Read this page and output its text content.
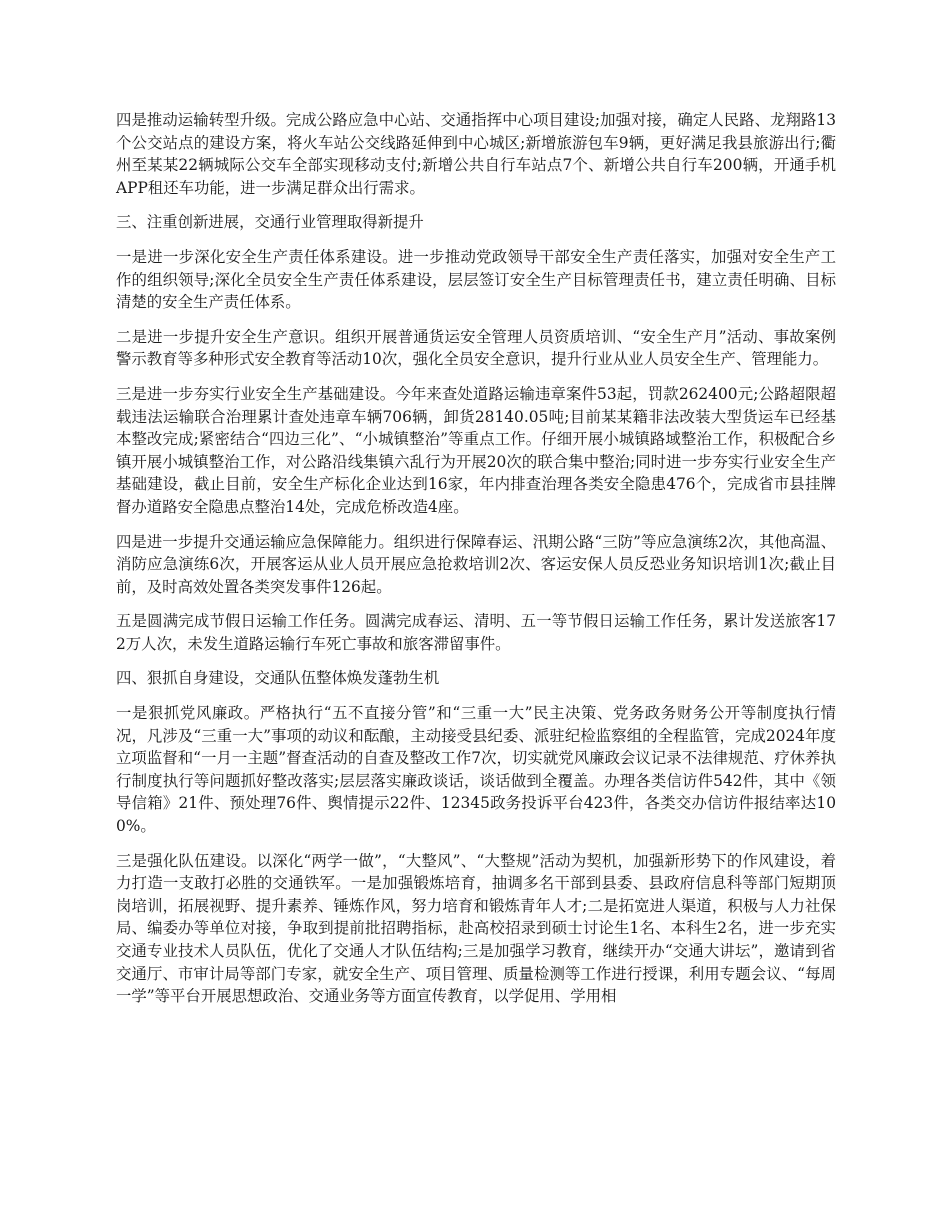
四是推动运输转型升级。完成公路应急中心站、交通指挥中心项目建设;加强对接，确定人民路、龙翔路13个公交站点的建设方案，将火车站公交线路延伸到中心城区;新增旅游包车9辆，更好满足我县旅游出行;衢州至某某22辆城际公交车全部实现移动支付;新增公共自行车站点7个、新增公共自行车200辆，开通手机APP租还车功能，进一步满足群众出行需求。

三、注重创新进展，交通行业管理取得新提升

一是进一步深化安全生产责任体系建设。进一步推动党政领导干部安全生产责任落实，加强对安全生产工作的组织领导;深化全员安全生产责任体系建设，层层签订安全生产目标管理责任书，建立责任明确、目标清楚的安全生产责任体系。

二是进一步提升安全生产意识。组织开展普通货运安全管理人员资质培训、“安全生产月”活动、事故案例警示教育等多种形式安全教育等活动10次，强化全员安全意识，提升行业从业人员安全生产、管理能力。

三是进一步夯实行业安全生产基础建设。今年来查处道路运输违章案件53起，罚款262400元;公路超限超载违法运输联合治理累计查处违章车辆706辆，卸货28140.05吨;目前某某籍非法改装大型货运车已经基本整改完成;紧密结合“四边三化”、“小城镇整治”等重点工作。仔细开展小城镇路域整治工作，积极配合乡镇开展小城镇整治工作，对公路沿线集镇六乱行为开展20次的联合集中整治;同时进一步夯实行业安全生产基础建设，截止目前，安全生产标化企业达到16家，年内排查治理各类安全隐患476个，完成省市县挂牌督办道路安全隐患点整治14处，完成危桥改造4座。

四是进一步提升交通运输应急保障能力。组织进行保障春运、汛期公路“三防”等应急演练2次，其他高温、消防应急演练6次，开展客运从业人员开展应急抢救培训2次、客运安保人员反恐业务知识培训1次;截止目前，及时高效处置各类突发事件126起。

五是圆满完成节假日运输工作任务。圆满完成春运、清明、五一等节假日运输工作任务，累计发送旅客172万人次，未发生道路运输行车死亡事故和旅客滞留事件。

四、狠抓自身建设，交通队伍整体焕发蓬勃生机

一是狠抓党风廉政。严格执行“五不直接分管”和“三重一大”民主决策、党务政务财务公开等制度执行情况，凡涉及“三重一大”事项的动议和酝酿，主动接受县纪委、派驻纪检监察组的全程监管，完成2024年度立项监督和“一月一主题”督查活动的自查及整改工作7次，切实就党风廉政会议记录不法律规范、疗休养执行制度执行等问题抓好整改落实;层层落实廉政谈话，谈话做到全覆盖。办理各类信访件542件，其中《领导信箱》21件、预处理76件、舆情提示22件、12345政务投诉平台423件，各类交办信访件报结率达100%。

三是强化队伍建设。以深化“两学一做”，“大整风”、“大整规”活动为契机，加强新形势下的作风建设，着力打造一支敢打必胜的交通铁军。一是加强锻炼培育，抽调多名干部到县委、县政府信息科等部门短期顶岗培训，拓展视野、提升素养、锤炼作风，努力培育和锻炼青年人才;二是拓宽进人渠道，积极与人力社保局、编委办等单位对接，争取到提前批招聘指标，赴高校招录到硕士讨论生1名、本科生2名，进一步充实交通专业技术人员队伍，优化了交通人才队伍结构;三是加强学习教育，继续开办“交通大讲坛”，邀请到省交通厅、市审计局等部门专家，就安全生产、项目管理、质量检测等工作进行授课，利用专题会议、“每周一学”等平台开展思想政治、交通业务等方面宣传教育，以学促用、学用相
